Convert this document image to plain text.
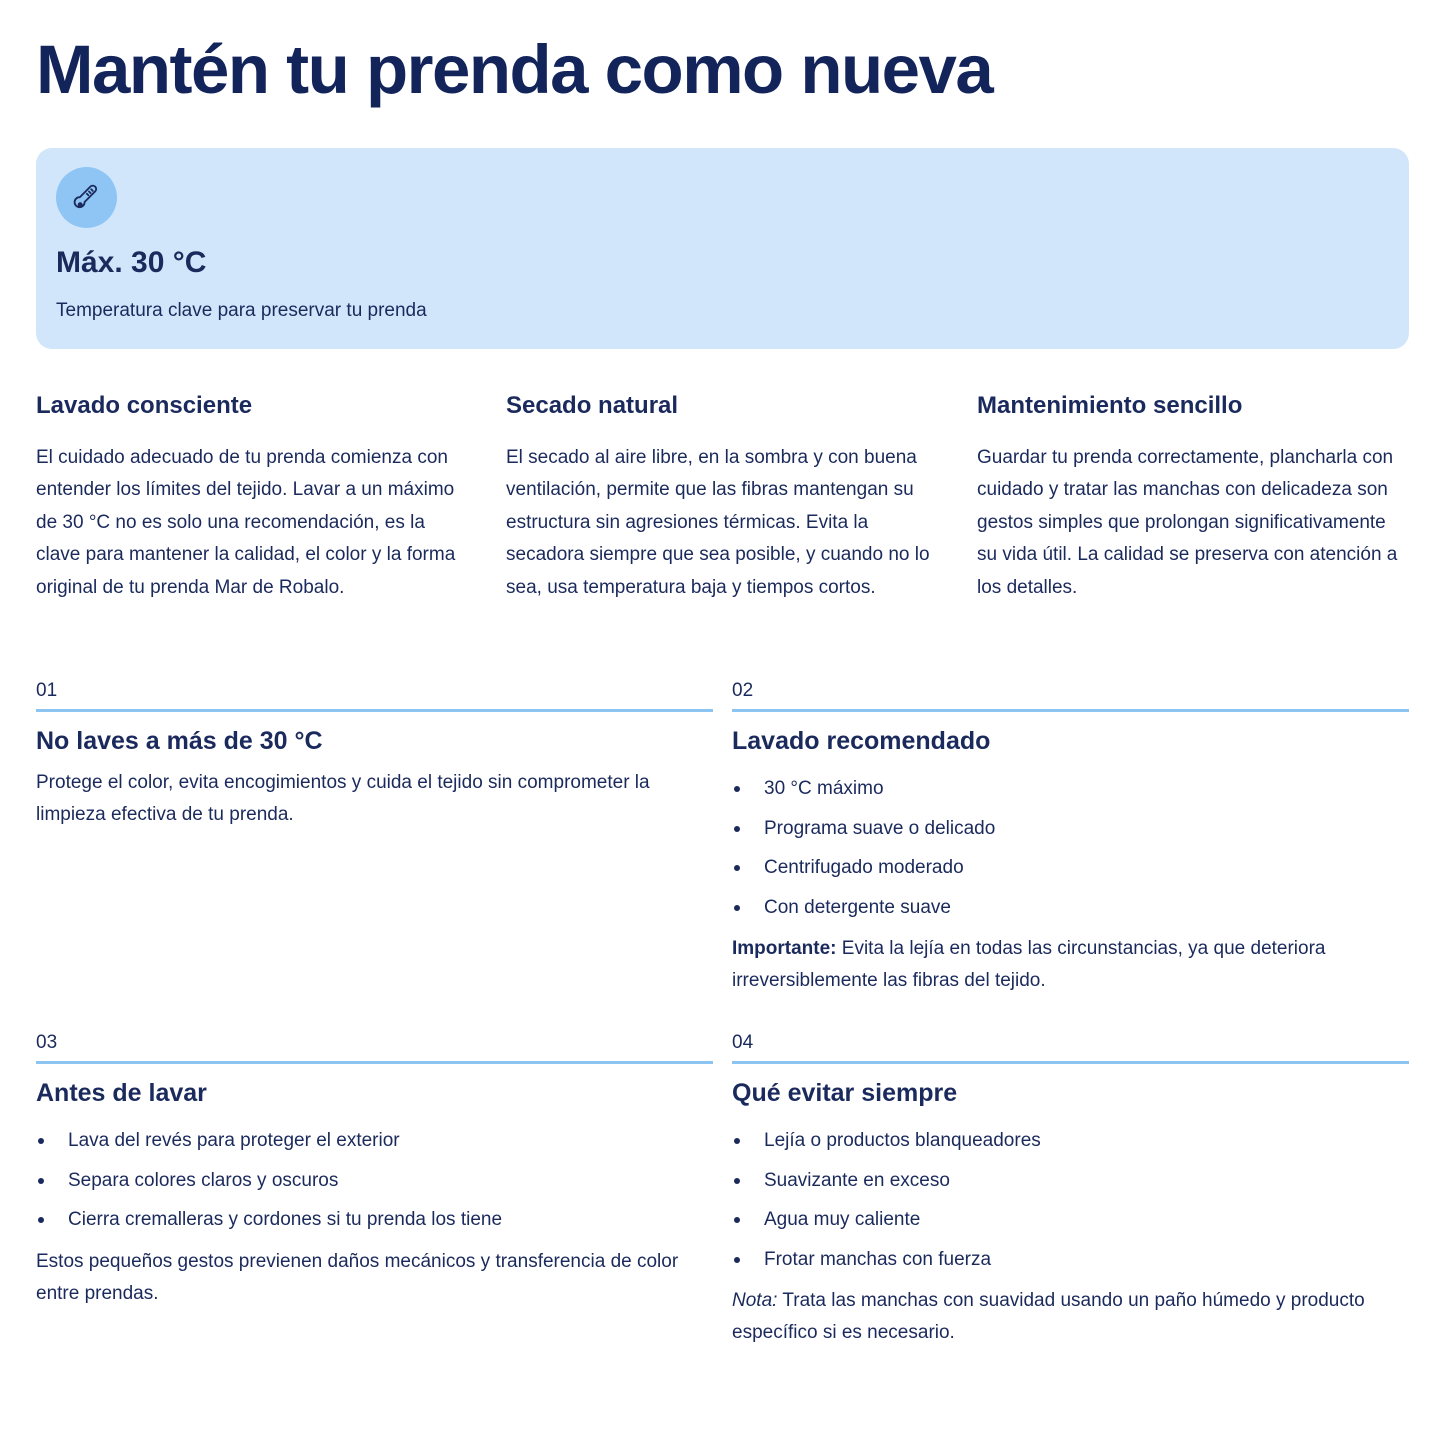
Mantén tu prenda como nueva

Máx. 30 °C

Temperatura clave para preservar tu prenda

Lavado consciente

El cuidado adecuado de tu prenda comienza con entender los límites del tejido. Lavar a un máximo de 30 °C no es solo una recomendación, es la clave para mantener la calidad, el color y la forma original de tu prenda Mar de Robalo.

Secado natural

El secado al aire libre, en la sombra y con buena ventilación, permite que las fibras mantengan su estructura sin agresiones térmicas. Evita la secadora siempre que sea posible, y cuando no lo sea, usa temperatura baja y tiempos cortos.

Mantenimiento sencillo

Guardar tu prenda correctamente, plancharla con cuidado y tratar las manchas con delicadeza son gestos simples que prolongan significativamente su vida útil. La calidad se preserva con atención a los detalles.

01
No laves a más de 30 °C

Protege el color, evita encogimientos y cuida el tejido sin comprometer la limpieza efectiva de tu prenda.

02
Lavado recomendado
30 °C máximo
Programa suave o delicado
Centrifugado moderado
Con detergente suave

Importante: Evita la lejía en todas las circunstancias, ya que deteriora irreversiblemente las fibras del tejido.

03
Antes de lavar
Lava del revés para proteger el exterior
Separa colores claros y oscuros
Cierra cremalleras y cordones si tu prenda los tiene

Estos pequeños gestos previenen daños mecánicos y transferencia de color entre prendas.

04
Qué evitar siempre
Lejía o productos blanqueadores
Suavizante en exceso
Agua muy caliente
Frotar manchas con fuerza

Nota: Trata las manchas con suavidad usando un paño húmedo y producto específico si es necesario.
